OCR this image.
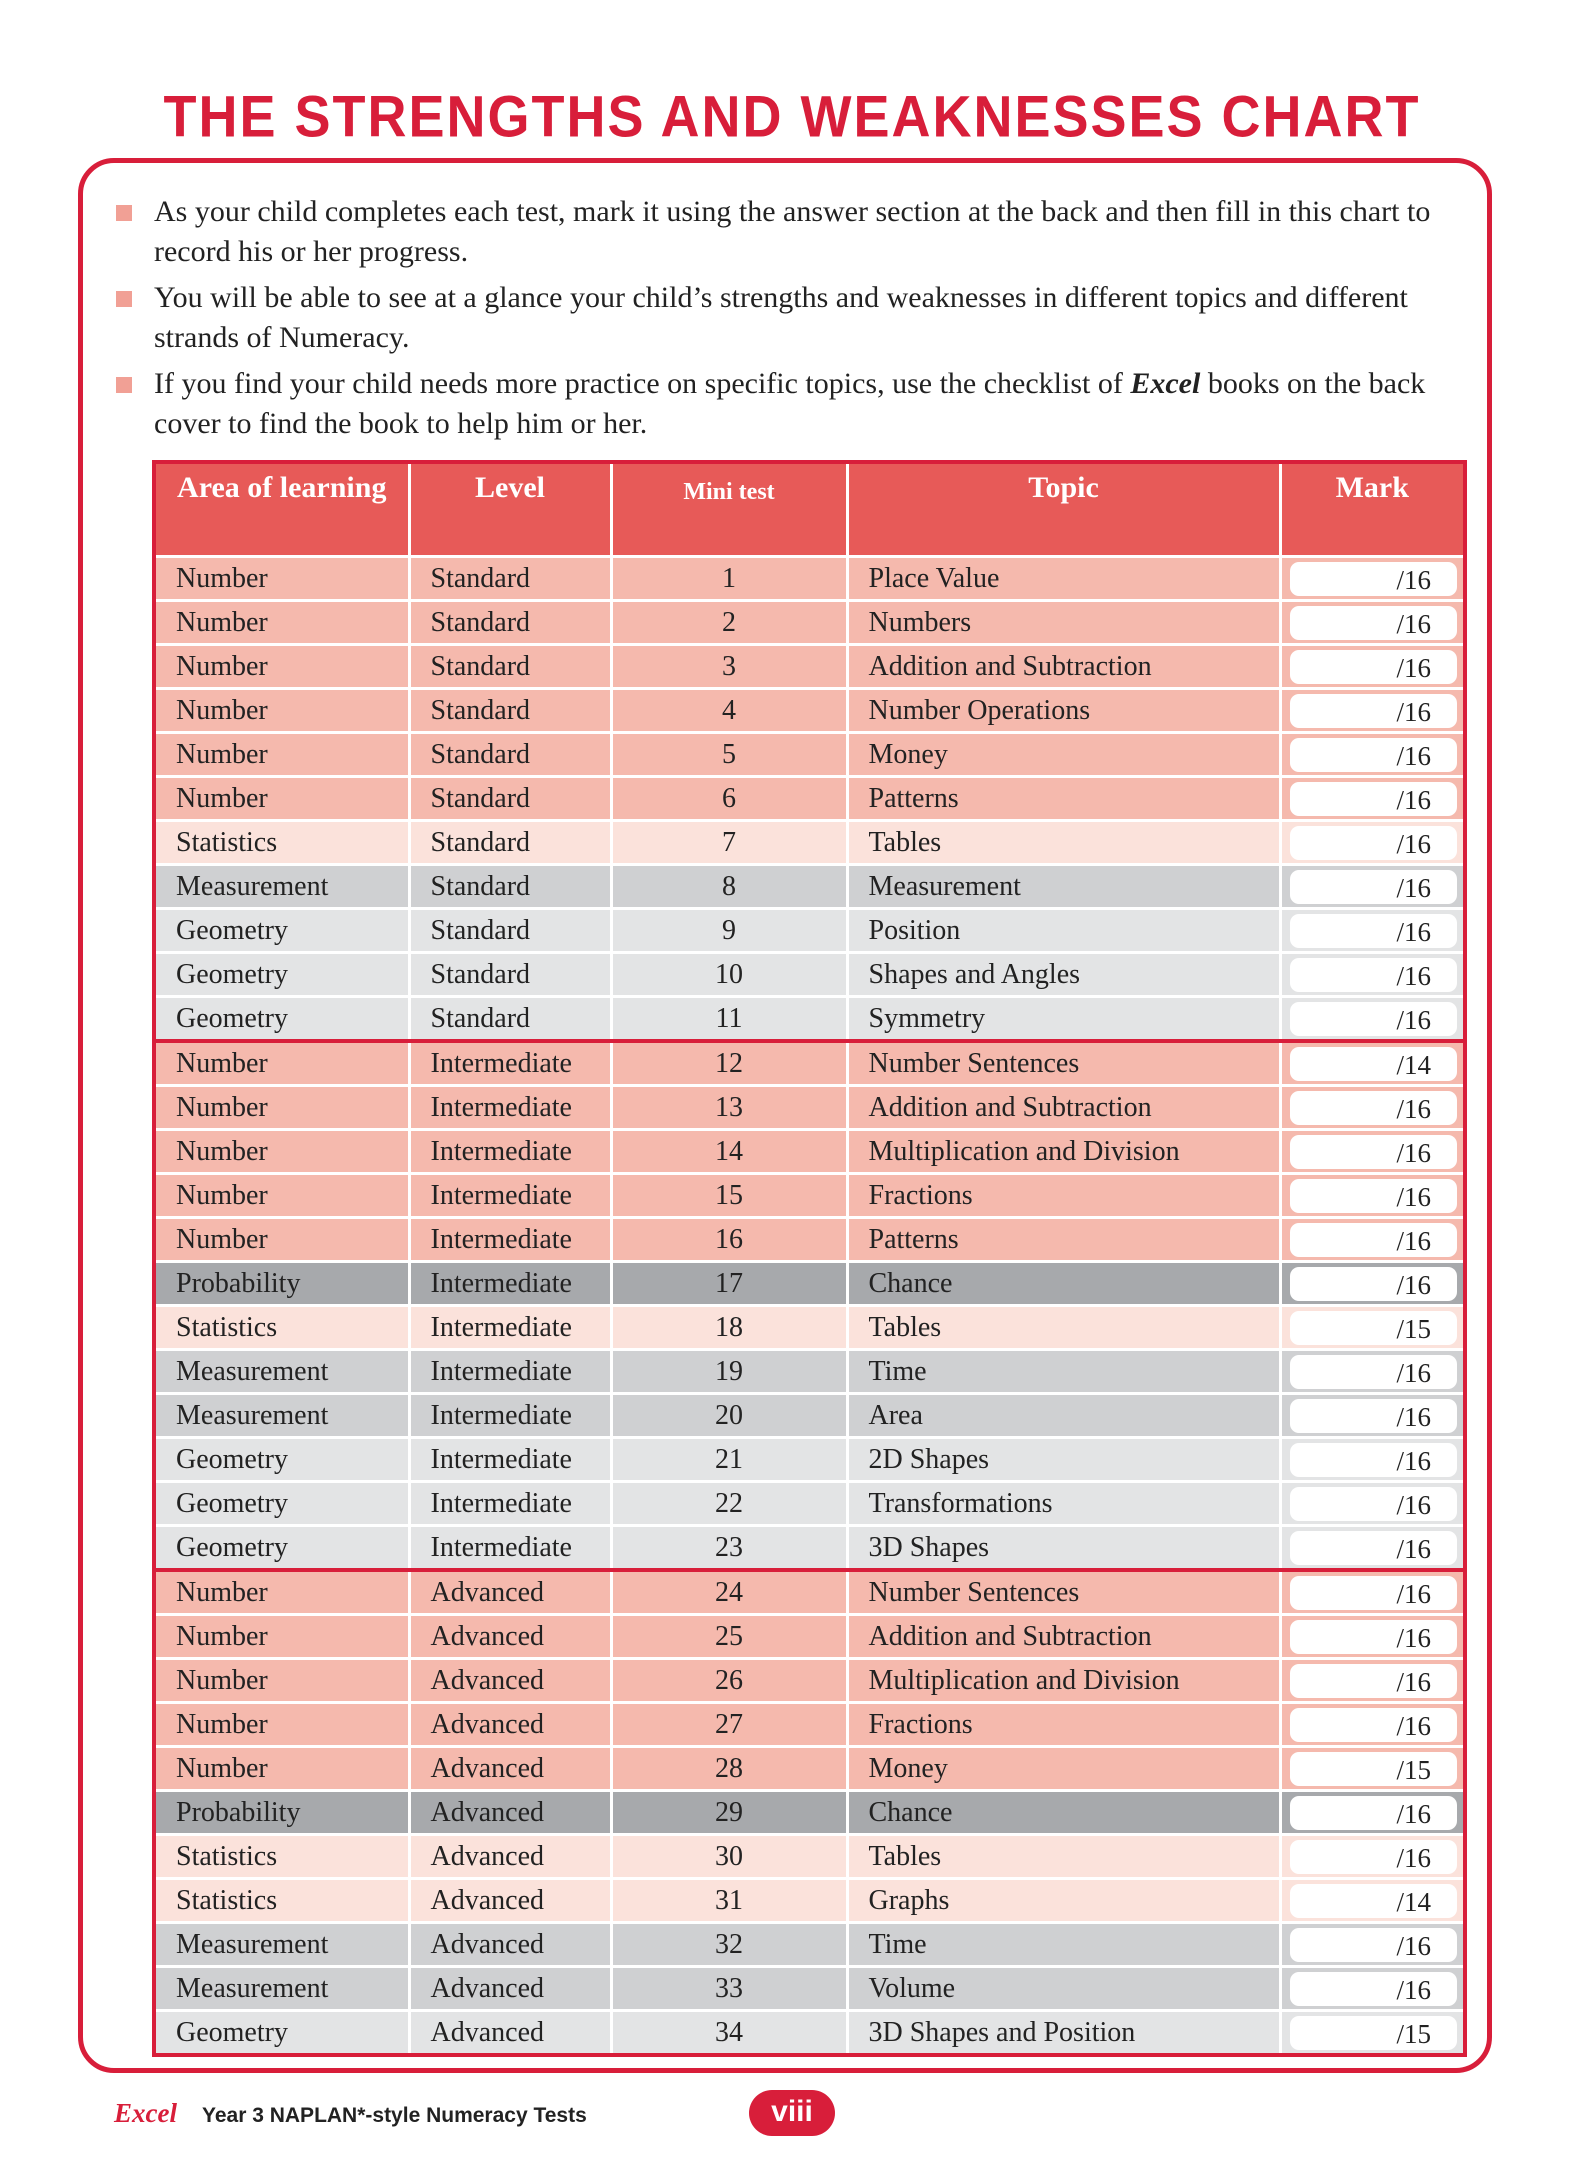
THE STRENGTHS AND WEAKNESSES CHART
As your child completes each test, mark it using the answer section at the back and then fill in this chart to record his or her progress.
You will be able to see at a glance your child’s strengths and weaknesses in different topics and different strands of Numeracy.
If you find your child needs more practice on specific topics, use the checklist of Excel books on the back cover to find the book to help him or her.
Area of learning	Level	Mini test	Topic	Mark
Number	Standard	1	Place Value	/16

Number	Standard	2	Numbers	/16

Number	Standard	3	Addition and Subtraction	/16

Number	Standard	4	Number Operations	/16

Number	Standard	5	Money	/16

Number	Standard	6	Patterns	/16

Statistics	Standard	7	Tables	/16

Measurement	Standard	8	Measurement	/16

Geometry	Standard	9	Position	/16

Geometry	Standard	10	Shapes and Angles	/16

Geometry	Standard	11	Symmetry	/16

Number	Intermediate	12	Number Sentences	/14

Number	Intermediate	13	Addition and Subtraction	/16

Number	Intermediate	14	Multiplication and Division	/16

Number	Intermediate	15	Fractions	/16

Number	Intermediate	16	Patterns	/16

Probability	Intermediate	17	Chance	/16

Statistics	Intermediate	18	Tables	/15

Measurement	Intermediate	19	Time	/16

Measurement	Intermediate	20	Area	/16

Geometry	Intermediate	21	2D Shapes	/16

Geometry	Intermediate	22	Transformations	/16

Geometry	Intermediate	23	3D Shapes	/16

Number	Advanced	24	Number Sentences	/16

Number	Advanced	25	Addition and Subtraction	/16

Number	Advanced	26	Multiplication and Division	/16

Number	Advanced	27	Fractions	/16

Number	Advanced	28	Money	/15

Probability	Advanced	29	Chance	/16

Statistics	Advanced	30	Tables	/16

Statistics	Advanced	31	Graphs	/14

Measurement	Advanced	32	Time	/16

Measurement	Advanced	33	Volume	/16

Geometry	Advanced	34	3D Shapes and Position	/15
Excel Year 3 NAPLAN*-style Numeracy Tests	viii
